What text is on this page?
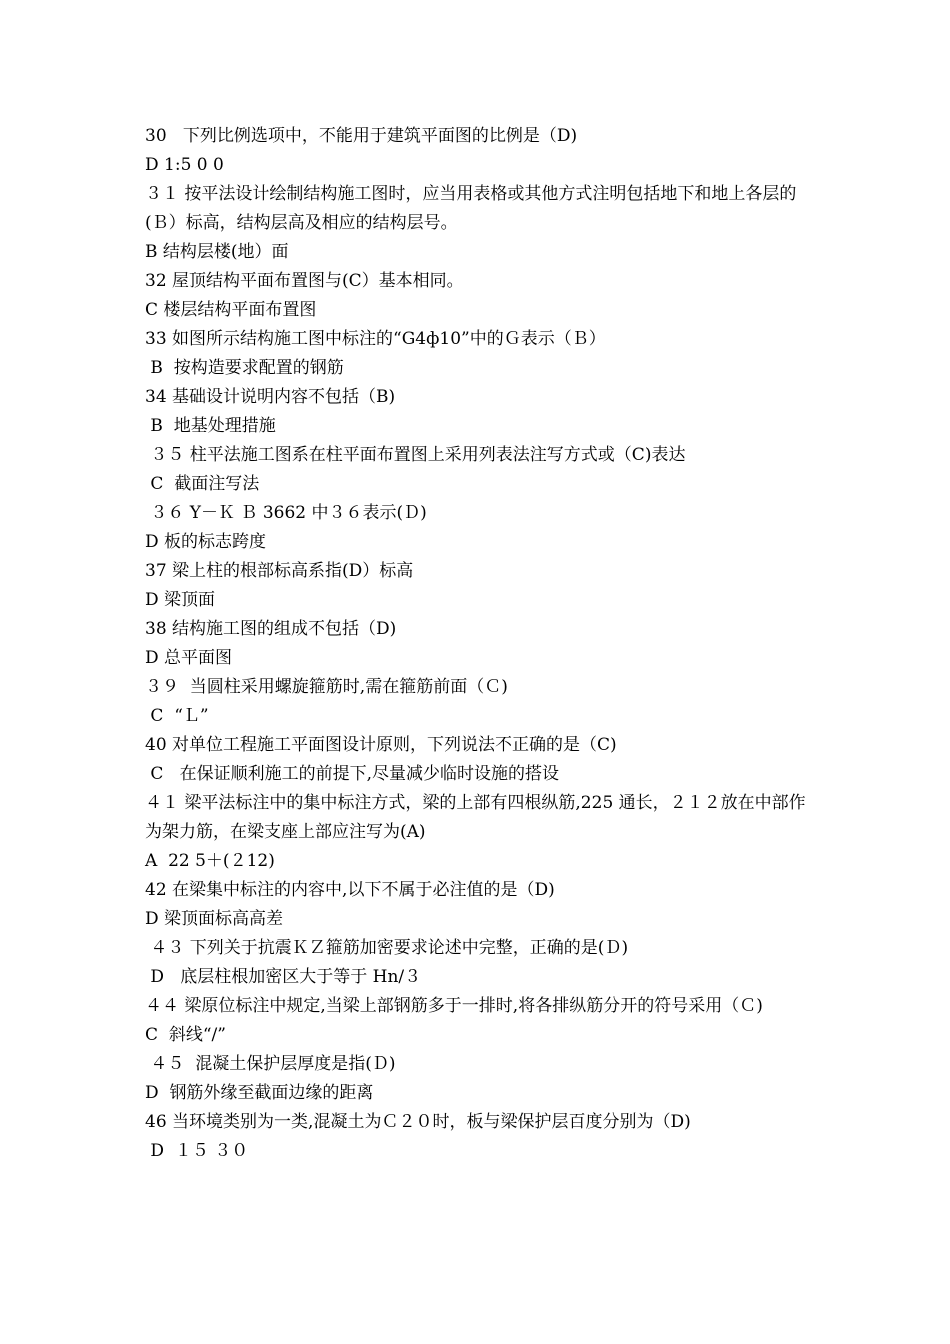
30   下列比例选项中，不能用于建筑平面图的比例是（D)
D 1:5 0 0
３１ 按平法设计绘制结构施工图时，应当用表格或其他方式注明包括地下和地上各层的(Ｂ）标高，结构层高及相应的结构层号。
B 结构层楼(地）面
32 屋顶结构平面布置图与(C）基本相同。
C 楼层结构平面布置图
33 如图所示结构施工图中标注的“G4ф10”中的Ｇ表示（Ｂ）
B  按构造要求配置的钢筋
34 基础设计说明内容不包括（B)
B  地基处理措施
３５ 柱平法施工图系在柱平面布置图上采用列表法注写方式或（C)表达
C  截面注写法
３６ Y－Ｋ Ｂ 3662 中３６表示(Ｄ)
D 板的标志跨度
37 梁上柱的根部标高系指(D）标高
D 梁顶面
38 结构施工图的组成不包括（D)
D 总平面图
３９  当圆柱采用螺旋箍筋时,需在箍筋前面（Ｃ)
C  “Ｌ”
40 对单位工程施工平面图设计原则，下列说法不正确的是（C)
C   在保证顺利施工的前提下,尽量减少临时设施的搭设
４１ 梁平法标注中的集中标注方式，梁的上部有四根纵筋,225 通长，２１２放在中部作为架力筋，在梁支座上部应注写为(A)
A  22 5＋(２12)
42 在梁集中标注的内容中,以下不属于必注值的是（D)
D 梁顶面标高高差
４３ 下列关于抗震ＫＺ箍筋加密要求论述中完整，正确的是(Ｄ)
D   底层柱根加密区大于等于 Hn/３
４４ 梁原位标注中规定,当梁上部钢筋多于一排时,将各排纵筋分开的符号采用（Ｃ)
C  斜线“/”
４５  混凝土保护层厚度是指(Ｄ)
D  钢筋外缘至截面边缘的距离
46 当环境类别为一类,混凝土为Ｃ２０时，板与梁保护层百度分别为（D)
D  １５ ３０
